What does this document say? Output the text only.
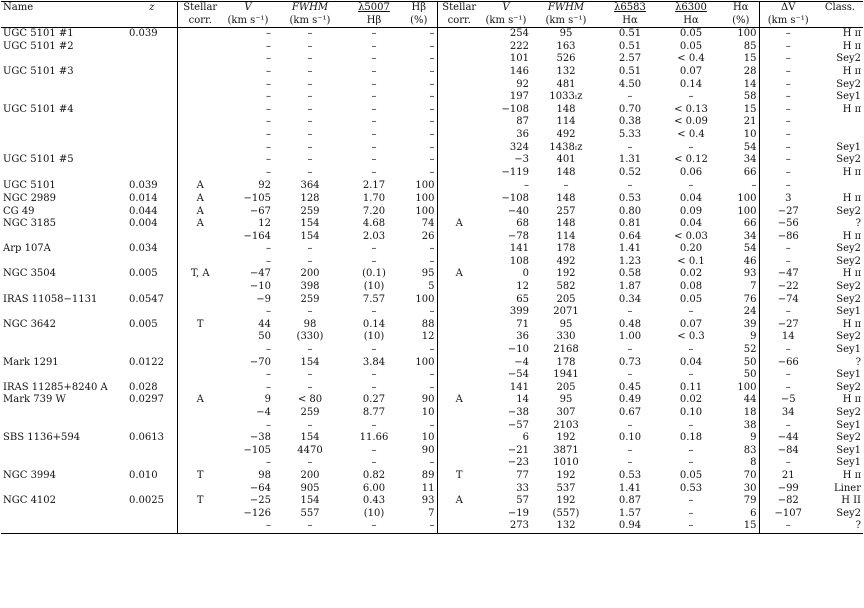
Name	z	Stellar	V	FWHM	λ5007	Hβ	Stellar	V	FWHM	λ6583	λ6300	Hα	ΔV	Class.
		corr.	(km s⁻¹)	(km s⁻¹)	Hβ	(%)	corr.	(km s⁻¹)	(km s⁻¹)	Hα	Hα	(%)	(km s⁻¹)	
UGC 5101 #1	0.039		–	–	–	–		254	95	0.51	0.05	100	–	H ɪɪ
UGC 5101 #2			–	–	–	–		222	163	0.51	0.05	85	–	H ɪɪ
			–	–	–	–		101	526	2.57	< 0.4	15	–	Sey2
UGC 5101 #3			–	–	–	–		146	132	0.51	0.07	28	–	H ɪɪ
			–	–	–	–		92	481	4.50	0.14	14	–	Sey2
			–	–	–	–		197	1033ₗz	–	–	58	–	Sey1
UGC 5101 #4			–	–	–	–		−108	148	0.70	< 0.13	15	–	H ɪɪ
			–	–	–	–		87	114	0.38	< 0.09	21	–	
			–	–	–	–		36	492	5.33	< 0.4	10	–	
			–	–	–	–		324	1438ₗz	–	–	54	–	Sey1
UGC 5101 #5			–	–	–	–		−3	401	1.31	< 0.12	34	–	Sey2
			–	–	–	–		−119	148	0.52	0.06	66	–	H ɪɪ
UGC 5101	0.039	A	92	364	2.17	100		–	–	–	–	–	–	
NGC 2989	0.014	A	−105	128	1.70	100		−108	148	0.53	0.04	100	3	H ɪɪ
CG 49	0.044	A	−67	259	7.20	100		−40	257	0.80	0.09	100	−27	Sey2
NGC 3185	0.004	A	12	154	4.68	74	A	68	148	0.81	0.04	66	−56	?
			−164	154	2.03	26		−78	114	0.64	< 0.03	34	−86	H ɪɪ
Arp 107A	0.034		–	–	–	–		141	178	1.41	0.20	54	–	Sey2
			–	–	–	–		108	492	1.23	< 0.1	46	–	Sey2
NGC 3504	0.005	T, A	−47	200	(0.1)	95	A	0	192	0.58	0.02	93	−47	H ɪɪ
			−10	398	(10)	5		12	582	1.87	0.08	7	−22	Sey2
IRAS 11058−1131	0.0547		−9	259	7.57	100		65	205	0.34	0.05	76	−74	Sey2
			–	–	–	–		399	2071	–	–	24	–	Sey1
NGC 3642	0.005	T	44	98	0.14	88		71	95	0.48	0.07	39	−27	H ɪɪ
			50	(330)	(10)	12		36	330	1.00	< 0.3	9	14	Sey2
			–	–	–	–		−10	2168	–	–	52	–	Sey1
Mark 1291	0.0122		−70	154	3.84	100		−4	178	0.73	0.04	50	−66	?
			–	–	–	–		−54	1941	–	–	50	–	Sey1
IRAS 11285+8240 A	0.028		–	–	–	–		141	205	0.45	0.11	100	–	Sey2
Mark 739 W	0.0297	A	9	< 80	0.27	90	A	14	95	0.49	0.02	44	−5	H ɪɪ
			−4	259	8.77	10		−38	307	0.67	0.10	18	34	Sey2
			–	–	–	–		−57	2103	–	–	38	–	Sey1
SBS 1136+594	0.0613		−38	154	11.66	10		6	192	0.10	0.18	9	−44	Sey2
			−105	4470	–	90		−21	3871	–	–	83	−84	Sey1
			–	–	–	–		−23	1010	–	–	8	–	Sey1
NGC 3994	0.010	T	98	200	0.82	89	T	77	192	0.53	0.05	70	21	H ɪɪ
			−64	905	6.00	11		33	537	1.41	0.53	30	−99	Liner
NGC 4102	0.0025	T	−25	154	0.43	93	A	57	192	0.87	–	79	−82	H II
			−126	557	(10)	7		−19	(557)	1.57	–	6	−107	Sey2
			–	–	–	–		273	132	0.94	–	15	–	?
